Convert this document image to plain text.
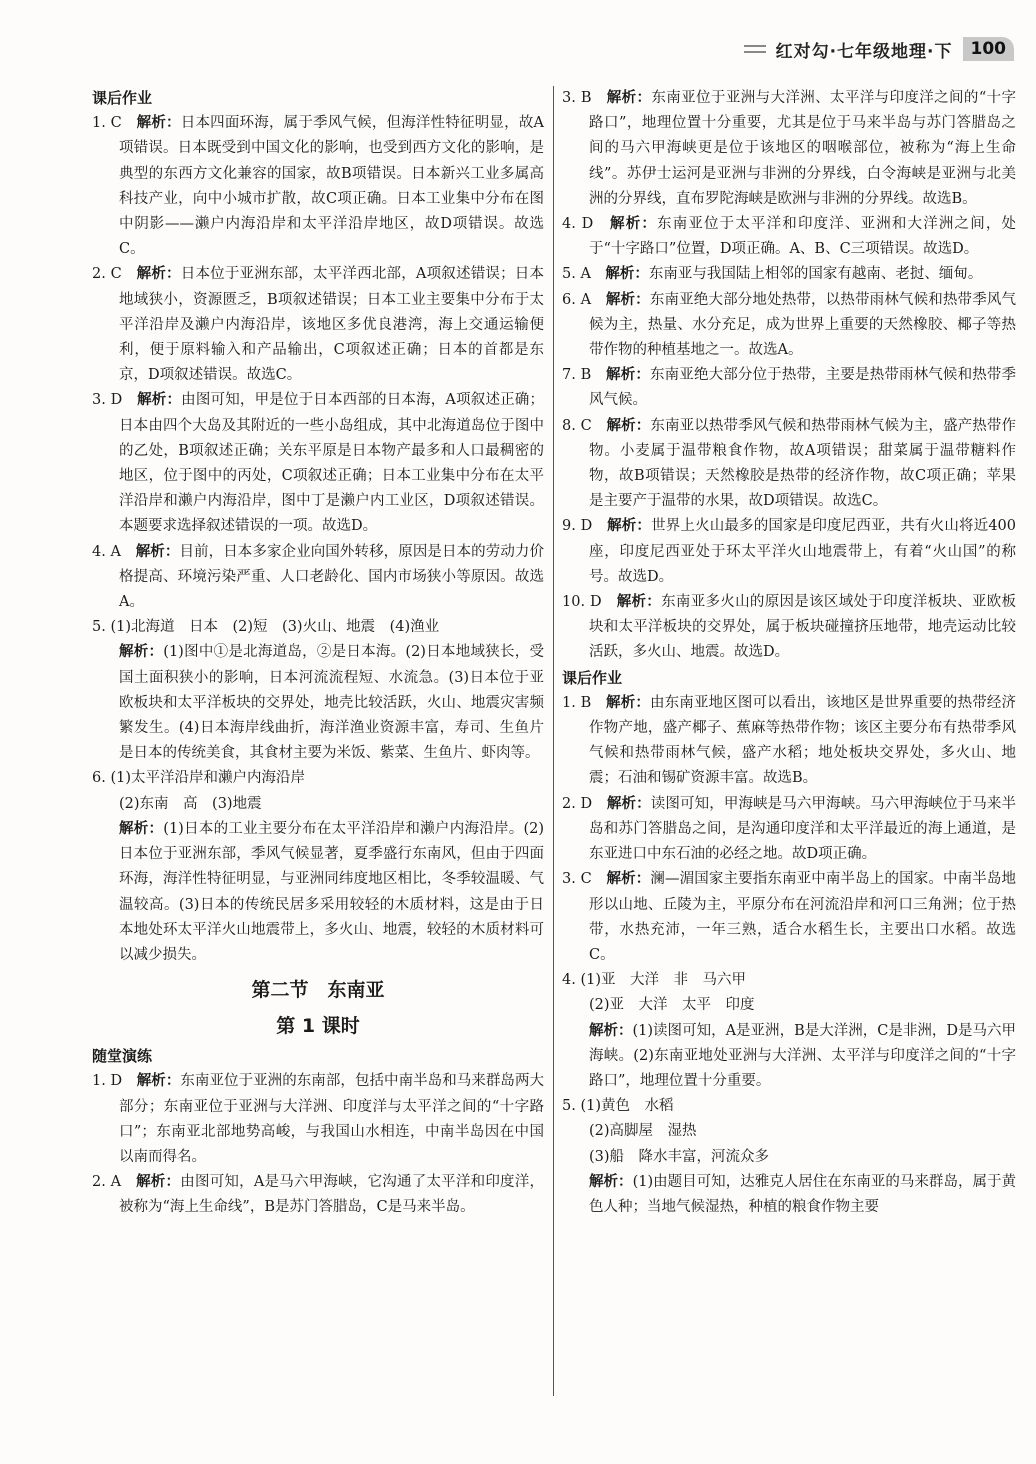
红对勾·七年级地理·下	100

课后作业

1. C　解析：日本四面环海，属于季风气候，但海洋性特征明显，故A项错误。日本既受到中国文化的影响，也受到西方文化的影响，是典型的东西方文化兼容的国家，故B项错误。日本新兴工业多属高科技产业，向中小城市扩散，故C项正确。日本工业集中分布在图中阴影——濑户内海沿岸和太平洋沿岸地区，故D项错误。故选C。

2. C　解析：日本位于亚洲东部，太平洋西北部，A项叙述错误；日本地域狭小，资源匮乏，B项叙述错误；日本工业主要集中分布于太平洋沿岸及濑户内海沿岸，该地区多优良港湾，海上交通运输便利，便于原料输入和产品输出，C项叙述正确；日本的首都是东京，D项叙述错误。故选C。

3. D　解析：由图可知，甲是位于日本西部的日本海，A项叙述正确；日本由四个大岛及其附近的一些小岛组成，其中北海道岛位于图中的乙处，B项叙述正确；关东平原是日本物产最多和人口最稠密的地区，位于图中的丙处，C项叙述正确；日本工业集中分布在太平洋沿岸和濑户内海沿岸，图中丁是濑户内工业区，D项叙述错误。本题要求选择叙述错误的一项。故选D。

4. A　解析：目前，日本多家企业向国外转移，原因是日本的劳动力价格提高、环境污染严重、人口老龄化、国内市场狭小等原因。故选A。

5. (1)北海道　日本　(2)短　(3)火山、地震　(4)渔业

解析：(1)图中①是北海道岛，②是日本海。(2)日本地域狭长，受国土面积狭小的影响，日本河流流程短、水流急。(3)日本位于亚欧板块和太平洋板块的交界处，地壳比较活跃，火山、地震灾害频繁发生。(4)日本海岸线曲折，海洋渔业资源丰富，寿司、生鱼片是日本的传统美食，其食材主要为米饭、紫菜、生鱼片、虾肉等。

6. (1)太平洋沿岸和濑户内海沿岸

(2)东南　高　(3)地震

解析：(1)日本的工业主要分布在太平洋沿岸和濑户内海沿岸。(2)日本位于亚洲东部，季风气候显著，夏季盛行东南风，但由于四面环海，海洋性特征明显，与亚洲同纬度地区相比，冬季较温暖、气温较高。(3)日本的传统民居多采用较轻的木质材料，这是由于日本地处环太平洋火山地震带上，多火山、地震，较轻的木质材料可以减少损失。

第二节　东南亚

第 1 课时

随堂演练

1. D　解析：东南亚位于亚洲的东南部，包括中南半岛和马来群岛两大部分；东南亚位于亚洲与大洋洲、印度洋与太平洋之间的“十字路口”；东南亚北部地势高峻，与我国山水相连，中南半岛因在中国以南而得名。

2. A　解析：由图可知，A是马六甲海峡，它沟通了太平洋和印度洋，被称为“海上生命线”，B是苏门答腊岛，C是马来半岛。

3. B　解析：东南亚位于亚洲与大洋洲、太平洋与印度洋之间的“十字路口”，地理位置十分重要，尤其是位于马来半岛与苏门答腊岛之间的马六甲海峡更是位于该地区的咽喉部位，被称为“海上生命线”。苏伊士运河是亚洲与非洲的分界线，白令海峡是亚洲与北美洲的分界线，直布罗陀海峡是欧洲与非洲的分界线。故选B。

4. D　解析：东南亚位于太平洋和印度洋、亚洲和大洋洲之间，处于“十字路口”位置，D项正确。A、B、C三项错误。故选D。

5. A　解析：东南亚与我国陆上相邻的国家有越南、老挝、缅甸。

6. A　解析：东南亚绝大部分地处热带，以热带雨林气候和热带季风气候为主，热量、水分充足，成为世界上重要的天然橡胶、椰子等热带作物的种植基地之一。故选A。

7. B　解析：东南亚绝大部分位于热带，主要是热带雨林气候和热带季风气候。

8. C　解析：东南亚以热带季风气候和热带雨林气候为主，盛产热带作物。小麦属于温带粮食作物，故A项错误；甜菜属于温带糖料作物，故B项错误；天然橡胶是热带的经济作物，故C项正确；苹果是主要产于温带的水果，故D项错误。故选C。

9. D　解析：世界上火山最多的国家是印度尼西亚，共有火山将近400座，印度尼西亚处于环太平洋火山地震带上，有着“火山国”的称号。故选D。

10. D　解析：东南亚多火山的原因是该区域处于印度洋板块、亚欧板块和太平洋板块的交界处，属于板块碰撞挤压地带，地壳运动比较活跃，多火山、地震。故选D。

课后作业

1. B　解析：由东南亚地区图可以看出，该地区是世界重要的热带经济作物产地，盛产椰子、蕉麻等热带作物；该区主要分布有热带季风气候和热带雨林气候，盛产水稻；地处板块交界处，多火山、地震；石油和锡矿资源丰富。故选B。

2. D　解析：读图可知，甲海峡是马六甲海峡。马六甲海峡位于马来半岛和苏门答腊岛之间，是沟通印度洋和太平洋最近的海上通道，是东亚进口中东石油的必经之地。故D项正确。

3. C　解析：澜—湄国家主要指东南亚中南半岛上的国家。中南半岛地形以山地、丘陵为主，平原分布在河流沿岸和河口三角洲；位于热带，水热充沛，一年三熟，适合水稻生长，主要出口水稻。故选C。

4. (1)亚　大洋　非　马六甲

(2)亚　大洋　太平　印度

解析：(1)读图可知，A是亚洲，B是大洋洲，C是非洲，D是马六甲海峡。(2)东南亚地处亚洲与大洋洲、太平洋与印度洋之间的“十字路口”，地理位置十分重要。

5. (1)黄色　水稻

(2)高脚屋　湿热

(3)船　降水丰富，河流众多

解析：(1)由题目可知，达雅克人居住在东南亚的马来群岛，属于黄色人种；当地气候湿热，种植的粮食作物主要
